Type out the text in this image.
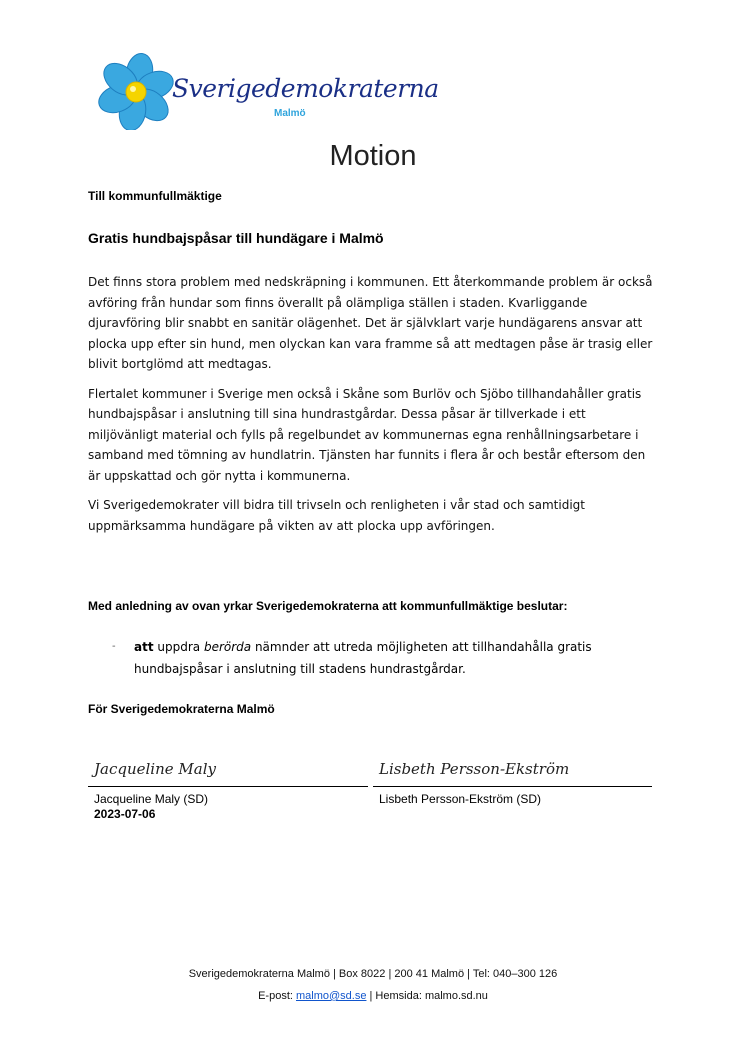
Sverigedemokraterna
Malmö
Motion
Till kommunfullmäktige
Gratis hundbajspåsar till hundägare i Malmö

Det finns stora problem med nedskräpning i kommunen. Ett återkommande problem är också avföring från hundar som finns överallt på olämpliga ställen i staden. Kvarliggande djuravföring blir snabbt en sanitär olägenhet. Det är självklart varje hundägarens ansvar att plocka upp efter sin hund, men olyckan kan vara framme så att medtagen påse är trasig eller blivit bortglömd att medtagas.

Flertalet kommuner i Sverige men också i Skåne som Burlöv och Sjöbo tillhandahåller gratis hundbajspåsar i anslutning till sina hundrastgårdar. Dessa påsar är tillverkade i ett miljövänligt material och fylls på regelbundet av kommunernas egna renhållningsarbetare i samband med tömning av hundlatrin. Tjänsten har funnits i flera år och består eftersom den är uppskattad och gör nytta i kommunerna.

Vi Sverigedemokrater vill bidra till trivseln och renligheten i vår stad och samtidigt uppmärksamma hundägare på vikten av att plocka upp avföringen.

Med anledning av ovan yrkar Sverigedemokraterna att kommunfullmäktige beslutar:
- att uppdra berörda nämnder att utreda möjligheten att tillhandahålla gratis hundbajspåsar i anslutning till stadens hundrastgårdar.
För Sverigedemokraterna Malmö
Jacqueline Maly
Jacqueline Maly (SD)
2023-07-06
Lisbeth Persson-Ekström
Lisbeth Persson-Ekström (SD)
Sverigedemokraterna Malmö | Box 8022 | 200 41 Malmö | Tel: 040–300 126
E-post: malmo@sd.se | Hemsida: malmo.sd.nu
